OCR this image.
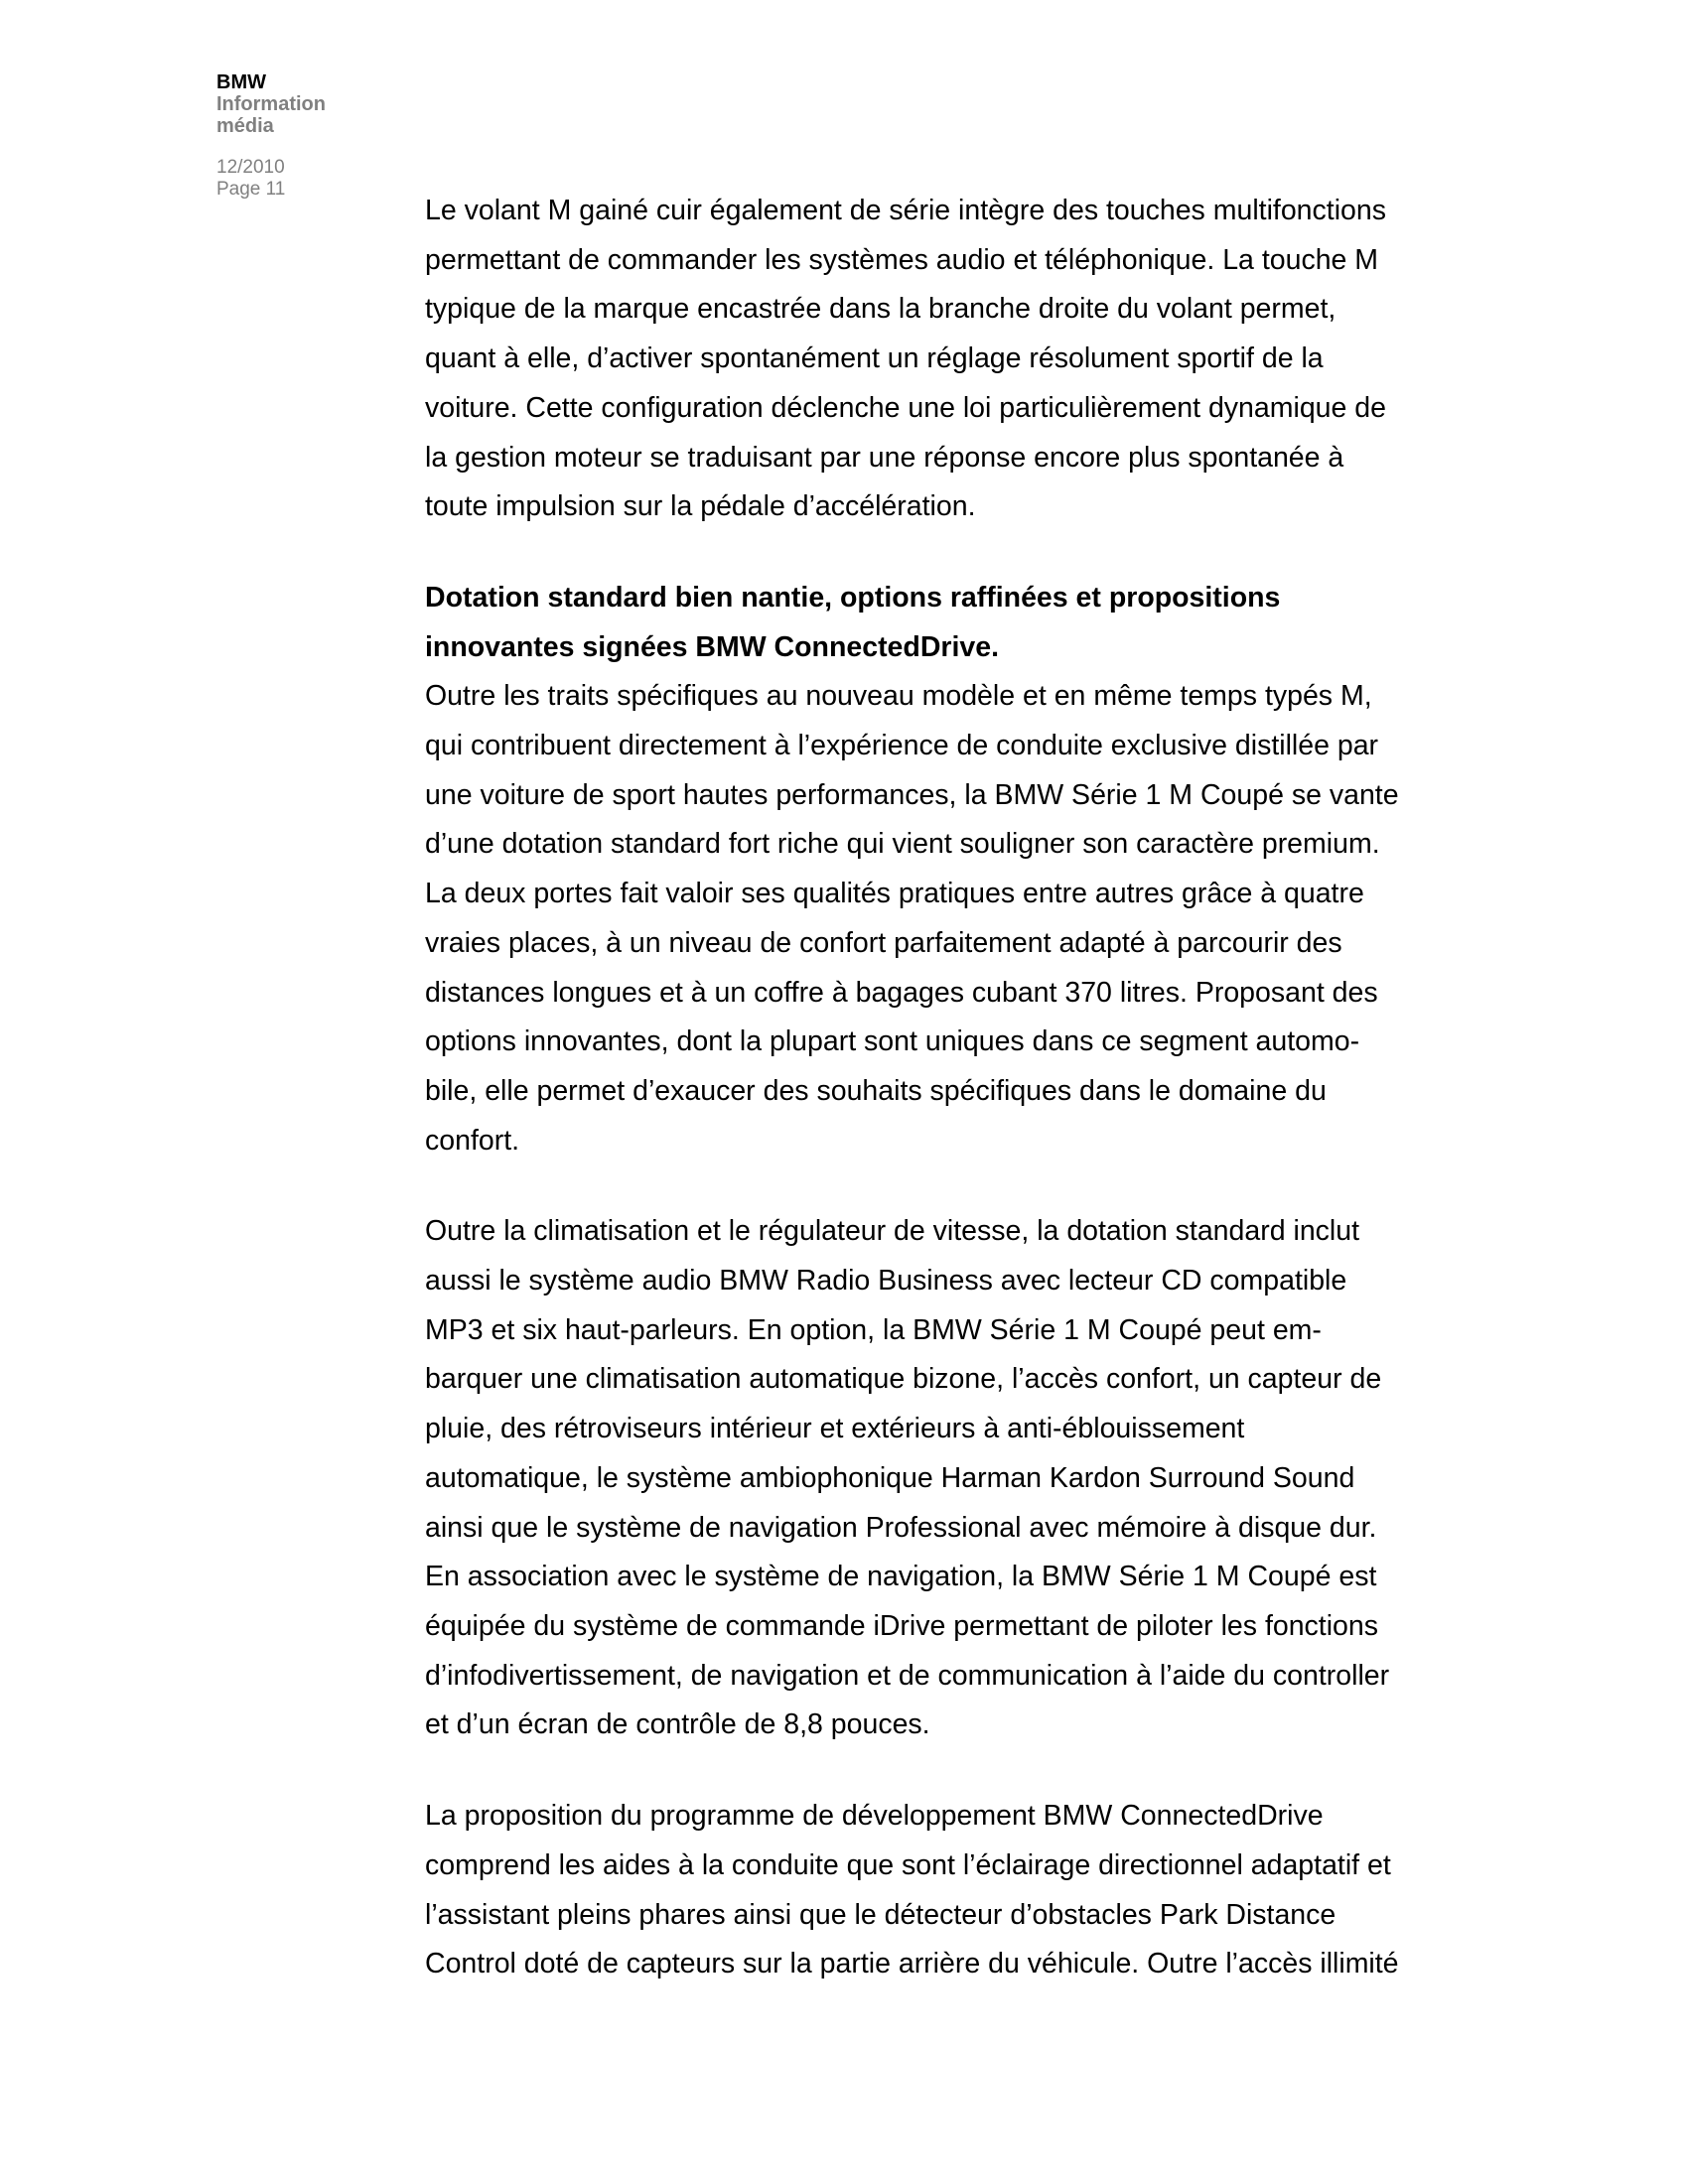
BMW
Information
média
12/2010
Page 11

Le volant M gainé cuir également de série intègre des touches multifonctions

permettant de commander les systèmes audio et téléphonique. La touche M

typique de la marque encastrée dans la branche droite du volant permet,

quant à elle, d’activer spontanément un réglage résolument sportif de la

voiture. Cette configuration déclenche une loi particulièrement dynamique de

la gestion moteur se traduisant par une réponse encore plus spontanée à

toute impulsion sur la pédale d’accélération.

Dotation standard bien nantie, options raffinées et propositions

innovantes signées BMW ConnectedDrive.

Outre les traits spécifiques au nouveau modèle et en même temps typés M,

qui contribuent directement à l’expérience de conduite exclusive distillée par

une voiture de sport hautes performances, la BMW Série 1 M Coupé se vante

d’une dotation standard fort riche qui vient souligner son caractère premium.

La deux portes fait valoir ses qualités pratiques entre autres grâce à quatre

vraies places, à un niveau de confort parfaitement adapté à parcourir des

distances longues et à un coffre à bagages cubant 370 litres. Proposant des

options innovantes, dont la plupart sont uniques dans ce segment automo-

bile, elle permet d’exaucer des souhaits spécifiques dans le domaine du

confort.

Outre la climatisation et le régulateur de vitesse, la dotation standard inclut

aussi le système audio BMW Radio Business avec lecteur CD compatible

MP3 et six haut-parleurs. En option, la BMW Série 1 M Coupé peut em-

barquer une climatisation automatique bizone, l’accès confort, un capteur de

pluie, des rétroviseurs intérieur et extérieurs à anti-éblouissement

automatique, le système ambiophonique Harman Kardon Surround Sound

ainsi que le système de navigation Professional avec mémoire à disque dur.

En association avec le système de navigation, la BMW Série 1 M Coupé est

équipée du système de commande iDrive permettant de piloter les fonctions

d’infodivertissement, de navigation et de communication à l’aide du controller

et d’un écran de contrôle de 8,8 pouces.

La proposition du programme de développement BMW ConnectedDrive

comprend les aides à la conduite que sont l’éclairage directionnel adaptatif et

l’assistant pleins phares ainsi que le détecteur d’obstacles Park Distance

Control doté de capteurs sur la partie arrière du véhicule. Outre l’accès illimité
